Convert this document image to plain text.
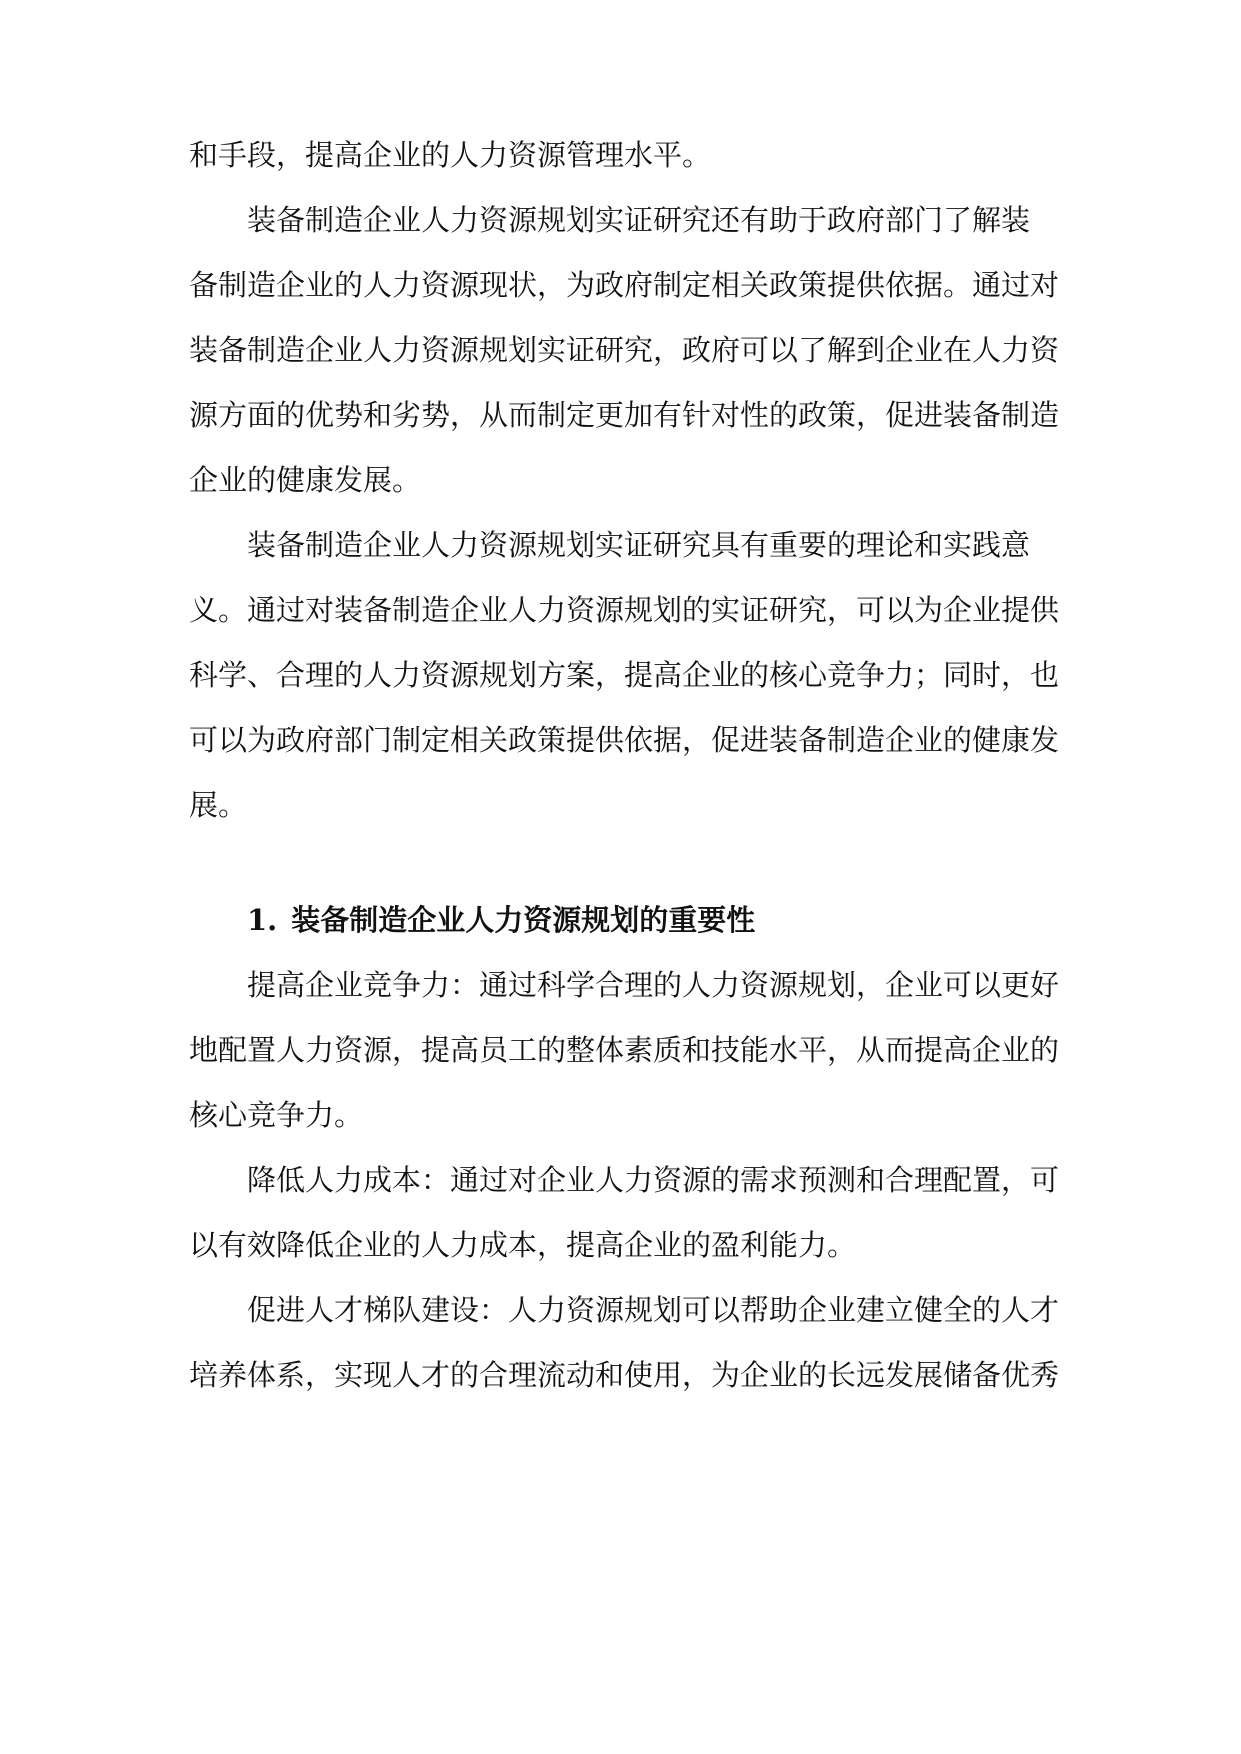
和手段，提高企业的人力资源管理水平。
装备制造企业人力资源规划实证研究还有助于政府部门了解装
备制造企业的人力资源现状，为政府制定相关政策提供依据。通过对
装备制造企业人力资源规划实证研究，政府可以了解到企业在人力资
源方面的优势和劣势，从而制定更加有针对性的政策，促进装备制造
企业的健康发展。
装备制造企业人力资源规划实证研究具有重要的理论和实践意
义。通过对装备制造企业人力资源规划的实证研究，可以为企业提供
科学、合理的人力资源规划方案，提高企业的核心竞争力；同时，也
可以为政府部门制定相关政策提供依据，促进装备制造企业的健康发
展。
1. 装备制造企业人力资源规划的重要性
提高企业竞争力：通过科学合理的人力资源规划，企业可以更好
地配置人力资源，提高员工的整体素质和技能水平，从而提高企业的
核心竞争力。
降低人力成本：通过对企业人力资源的需求预测和合理配置，可
以有效降低企业的人力成本，提高企业的盈利能力。
促进人才梯队建设：人力资源规划可以帮助企业建立健全的人才
培养体系，实现人才的合理流动和使用，为企业的长远发展储备优秀
